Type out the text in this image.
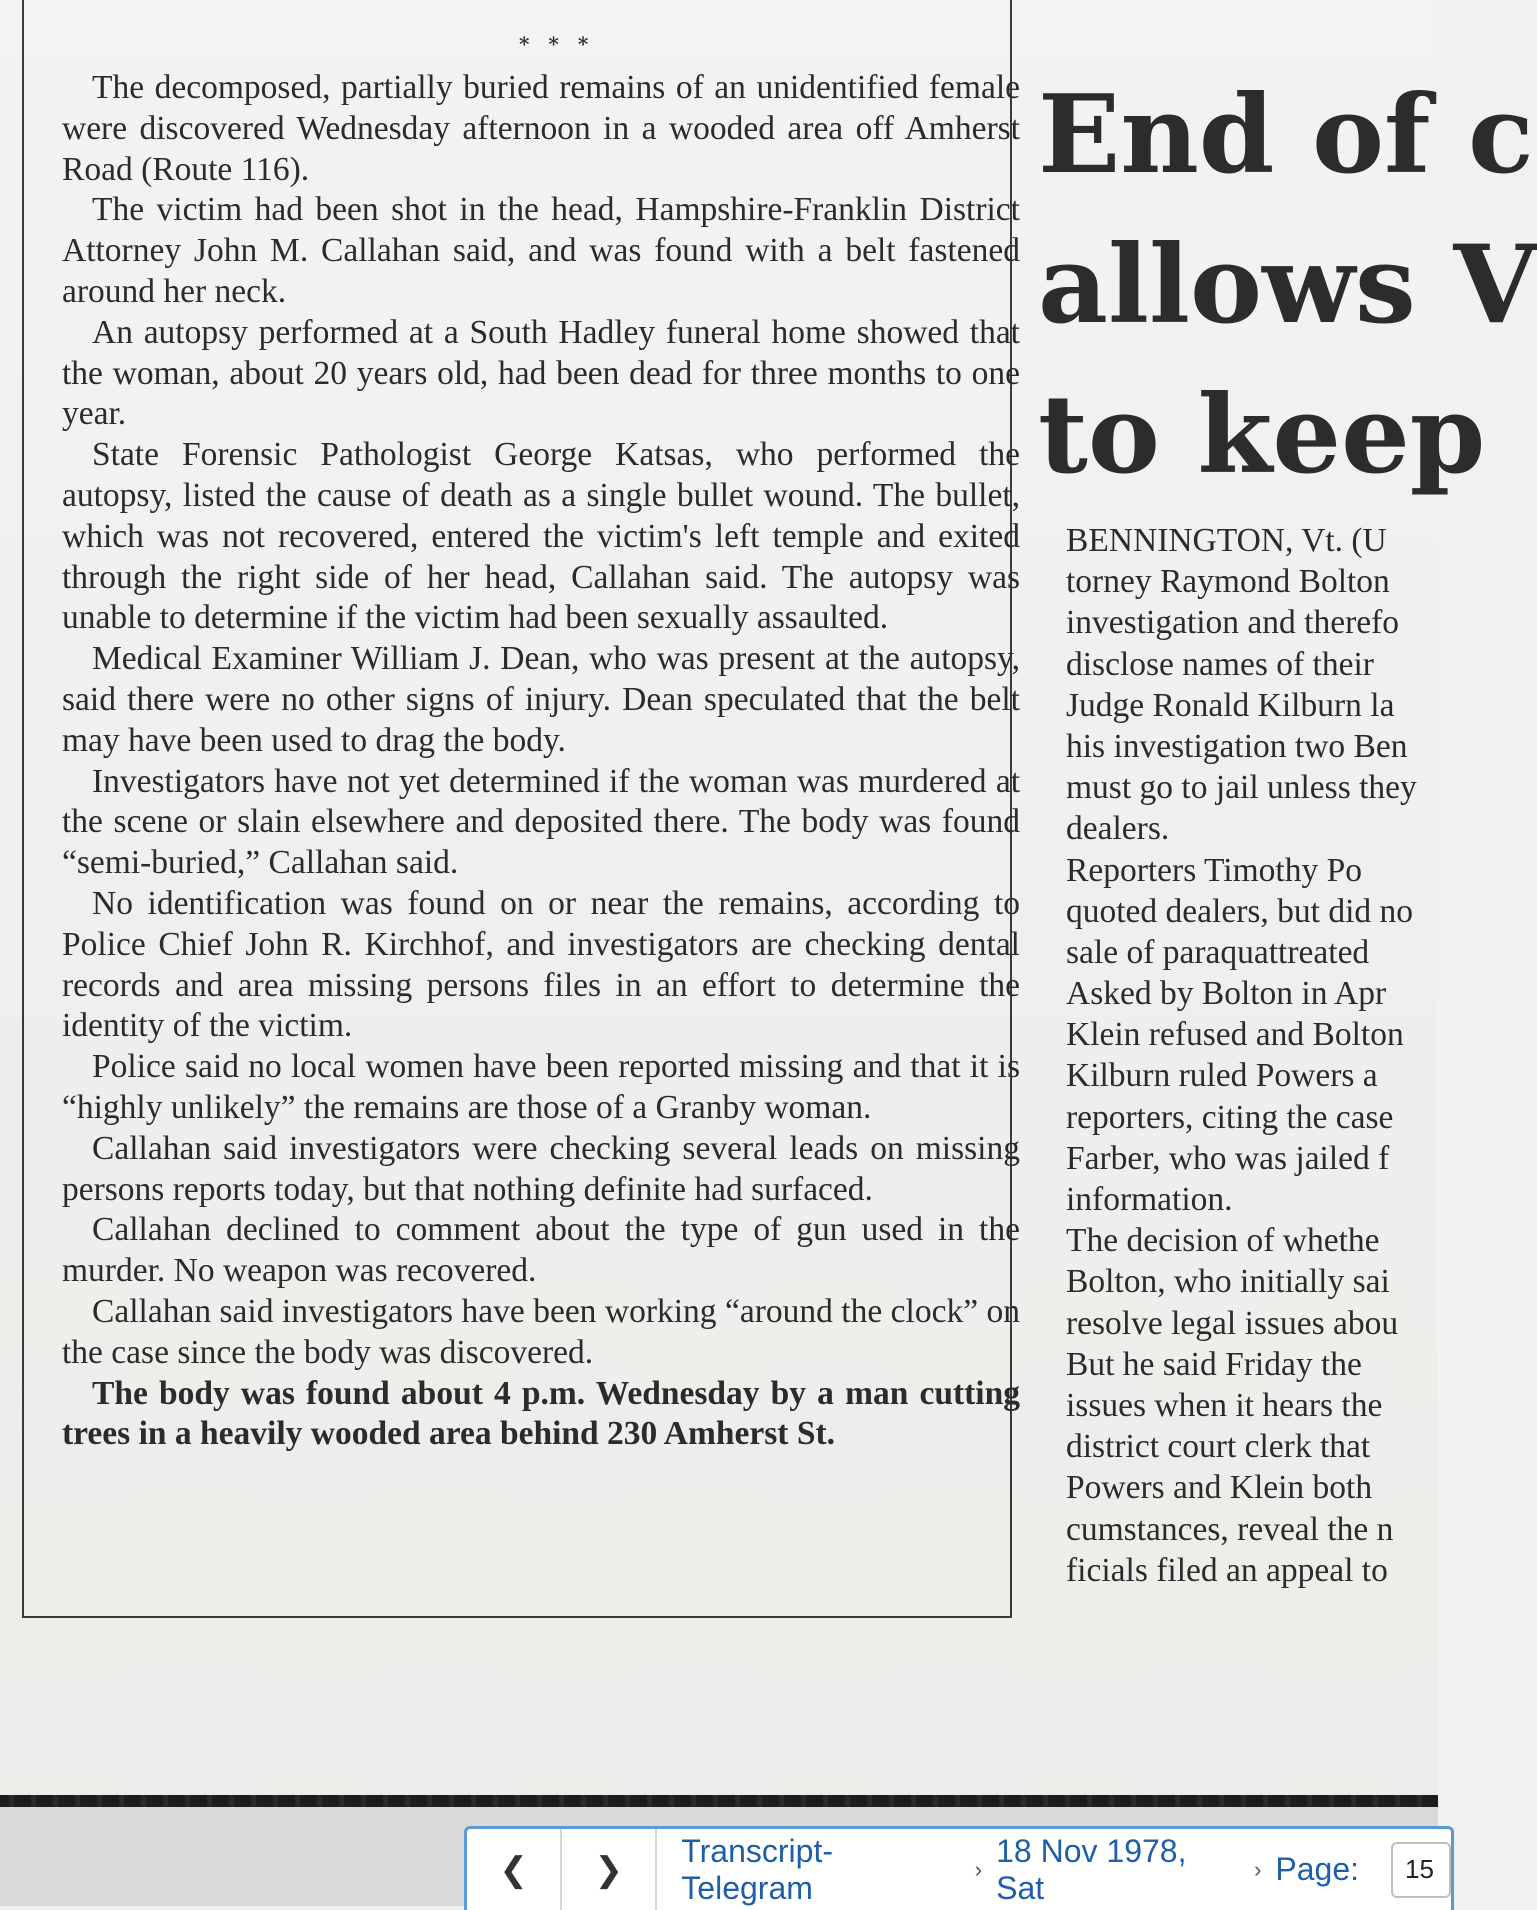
* * *

The decomposed, partially buried remains of an unidentified female were discovered Wednesday afternoon in a wooded area off Amherst Road (Route 116).

The victim had been shot in the head, Hampshire-Franklin District Attorney John M. Callahan said, and was found with a belt fastened around her neck.

An autopsy performed at a South Hadley funeral home showed that the woman, about 20 years old, had been dead for three months to one year.

State Forensic Pathologist George Katsas, who performed the autopsy, listed the cause of death as a single bullet wound. The bullet, which was not recovered, entered the victim's left temple and exited through the right side of her head, Callahan said. The autopsy was unable to determine if the victim had been sexually assaulted.

Medical Examiner William J. Dean, who was present at the autopsy, said there were no other signs of injury. Dean speculated that the belt may have been used to drag the body.

Investigators have not yet determined if the woman was murdered at the scene or slain elsewhere and deposited there. The body was found “semi-buried,” Callahan said.

No identification was found on or near the remains, according to Police Chief John R. Kirchhof, and investigators are checking dental records and area missing persons files in an effort to determine the identity of the victim.

Police said no local women have been reported missing and that it is “highly unlikely” the remains are those of a Granby woman.

Callahan said investigators were checking several leads on missing persons reports today, but that nothing definite had surfaced.

Callahan declined to comment about the type of gun used in the murder. No weapon was recovered.

Callahan said investigators have been working “around the clock” on the case since the body was discovered.

The body was found about 4 p.m. Wednesday by a man cutting trees in a heavily wooded area behind 230 Amherst St.

End of c
allows V
to keep
BENNINGTON, Vt. (U
torney Raymond Bolton
investigation and therefo
disclose names of their
Judge Ronald Kilburn la
his investigation two Ben
must go to jail unless they
dealers.
Reporters Timothy Po
quoted dealers, but did no
sale of paraquattreated
Asked by Bolton in Apr
Klein refused and Bolton
Kilburn ruled Powers a
reporters, citing the case
Farber, who was jailed f
information.
The decision of whethe
Bolton, who initially sai
resolve legal issues abou
But he said Friday the
issues when it hears the
district court clerk that
Powers and Klein both
cumstances, reveal the n
ficials filed an appeal to
❮ ❯ Transcript-Telegram
›
18 Nov 1978, Sat
› Page:
15
